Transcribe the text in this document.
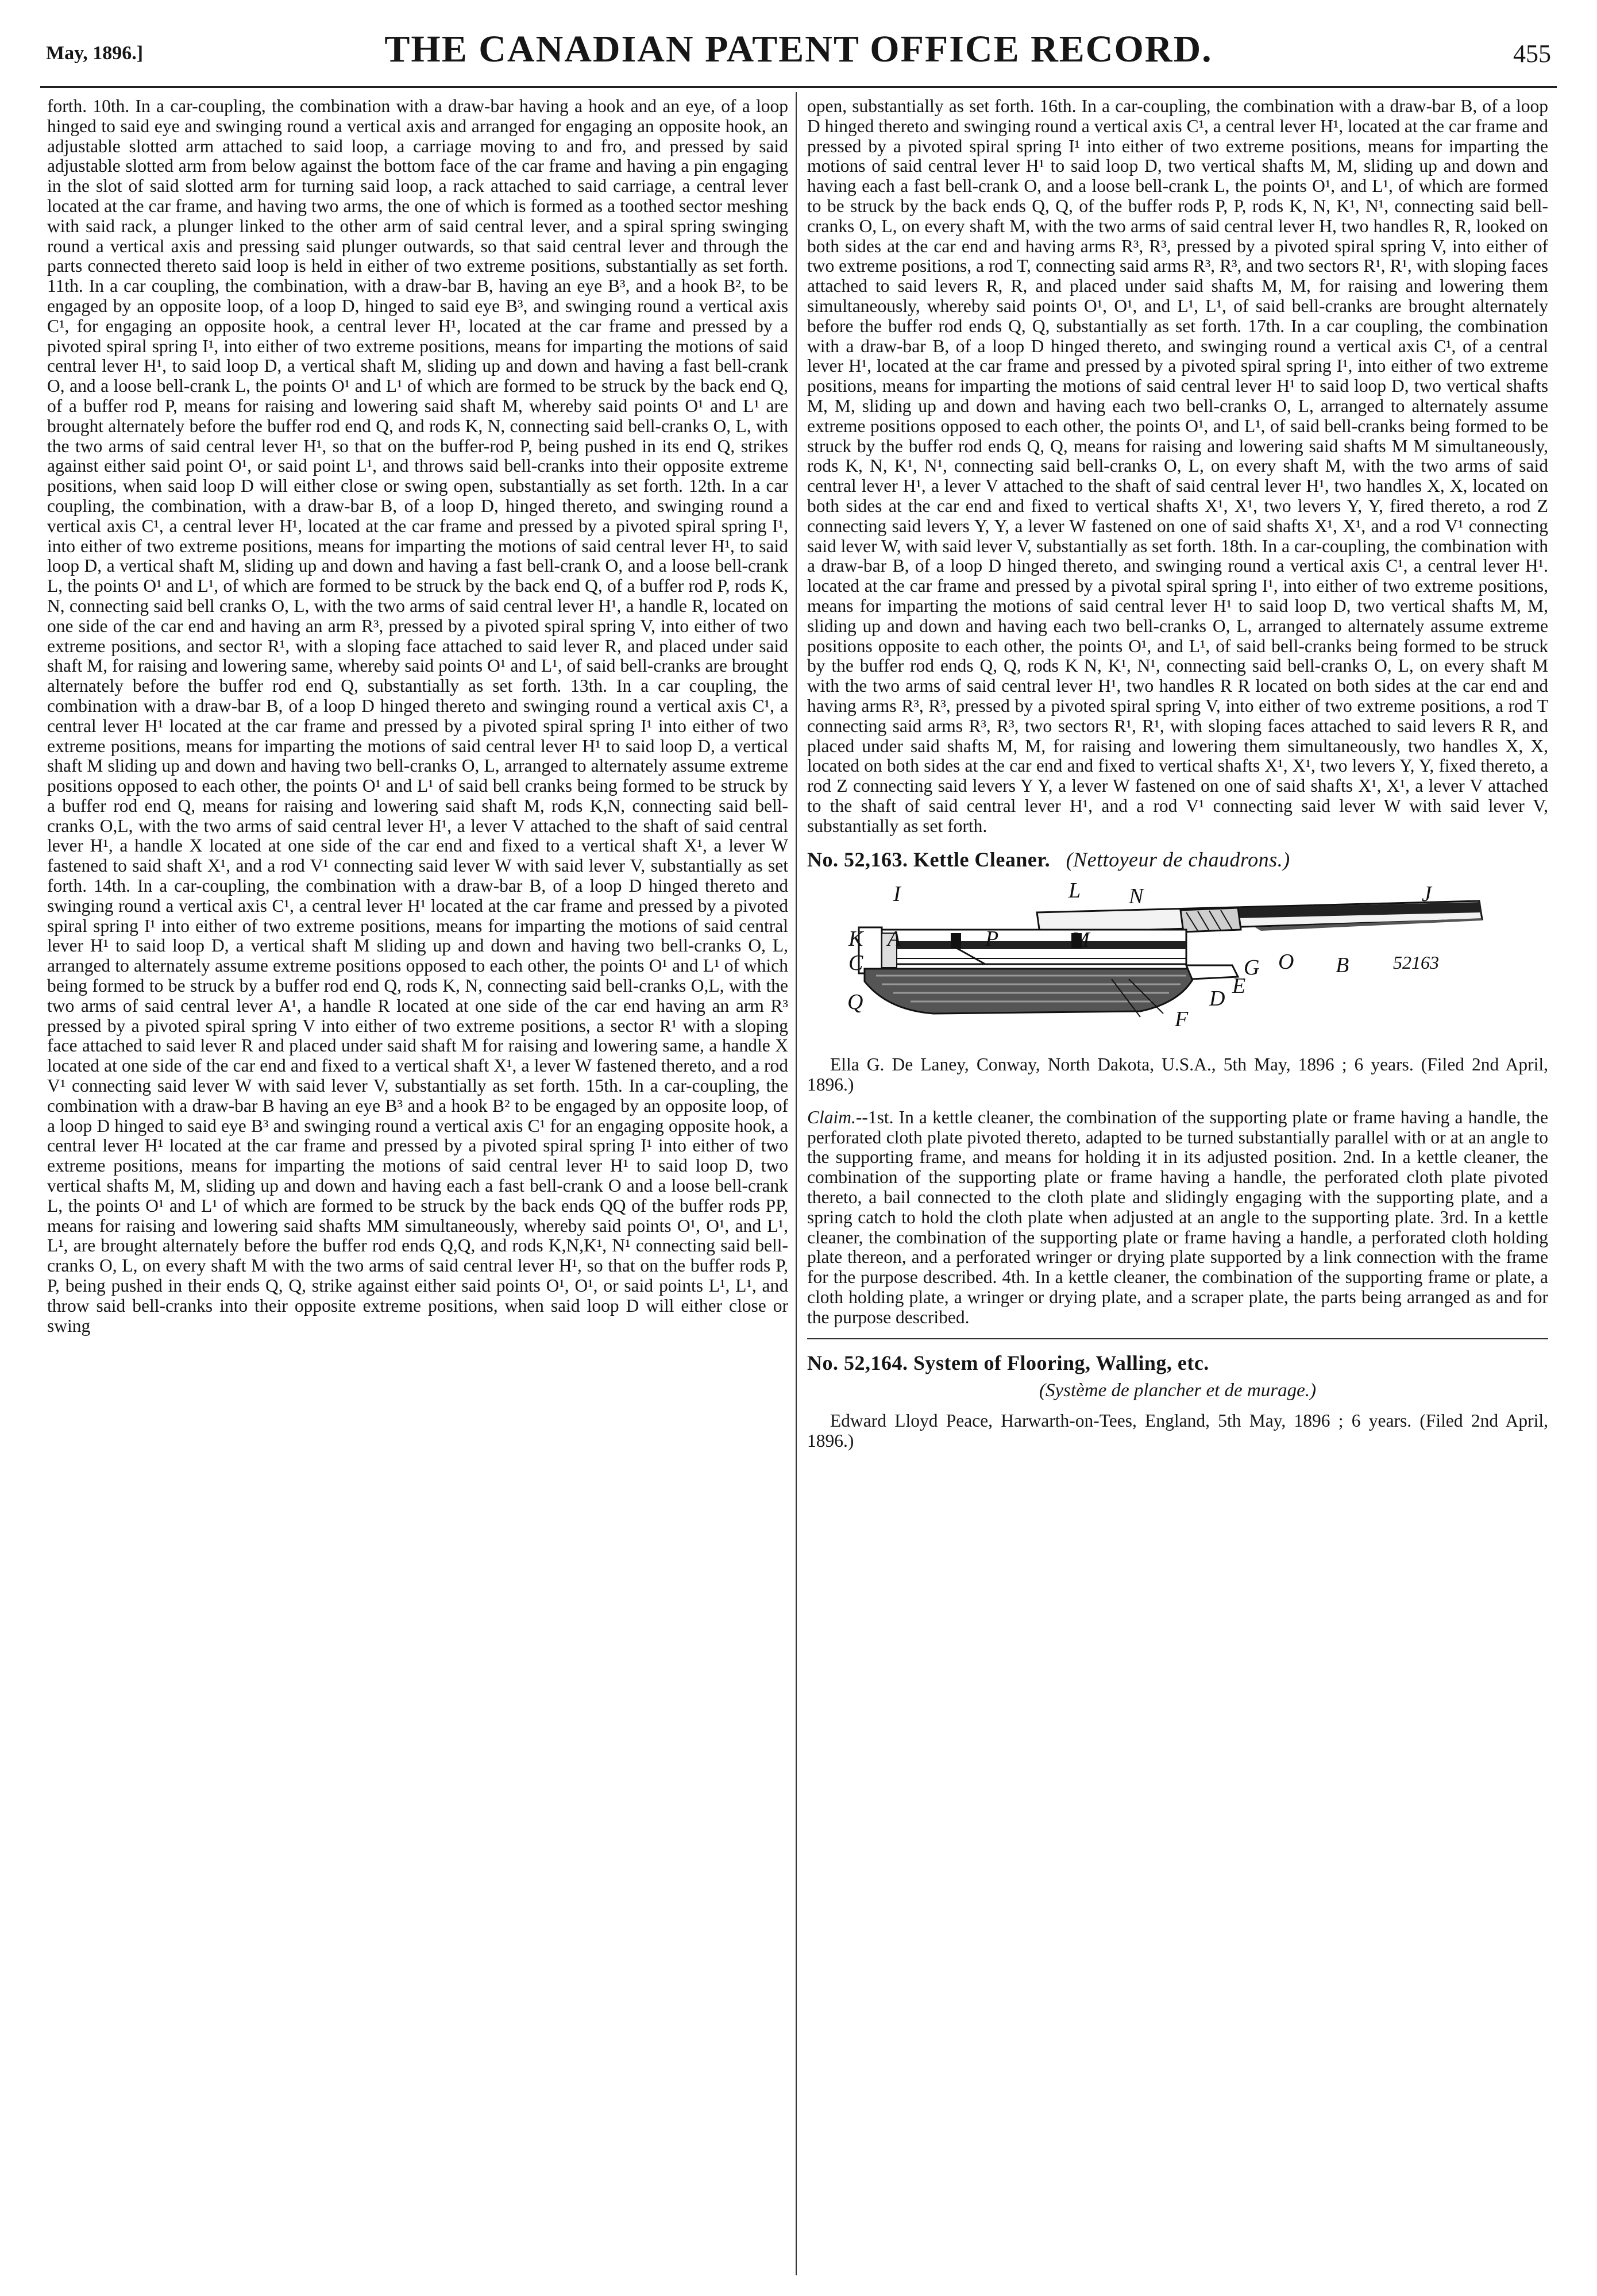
May, 1896.]	THE CANADIAN PATENT OFFICE RECORD.	455

forth. 10th. In a car-coupling, the combination with a draw-bar having a hook and an eye, of a loop hinged to said eye and swinging round a vertical axis and arranged for engaging an opposite hook, an adjustable slotted arm attached to said loop, a carriage moving to and fro, and pressed by said adjustable slotted arm from below against the bottom face of the car frame and having a pin engaging in the slot of said slotted arm for turning said loop, a rack attached to said carriage, a central lever located at the car frame, and having two arms, the one of which is formed as a toothed sector meshing with said rack, a plunger linked to the other arm of said central lever, and a spiral spring swinging round a vertical axis and pressing said plunger outwards, so that said central lever and through the parts connected thereto said loop is held in either of two extreme positions, substantially as set forth. 11th. In a car coupling, the combination, with a draw-bar B, having an eye B³, and a hook B², to be engaged by an opposite loop, of a loop D, hinged to said eye B³, and swinging round a vertical axis C¹, for engaging an opposite hook, a central lever H¹, located at the car frame and pressed by a pivoted spiral spring I¹, into either of two extreme positions, means for imparting the motions of said central lever H¹, to said loop D, a vertical shaft M, sliding up and down and having a fast bell-crank O, and a loose bell-crank L, the points O¹ and L¹ of which are formed to be struck by the back end Q, of a buffer rod P, means for raising and lowering said shaft M, whereby said points O¹ and L¹ are brought alternately before the buffer rod end Q, and rods K, N, connecting said bell-cranks O, L, with the two arms of said central lever H¹, so that on the buffer-rod P, being pushed in its end Q, strikes against either said point O¹, or said point L¹, and throws said bell-cranks into their opposite extreme positions, when said loop D will either close or swing open, substantially as set forth. 12th. In a car coupling, the combination, with a draw-bar B, of a loop D, hinged thereto, and swinging round a vertical axis C¹, a central lever H¹, located at the car frame and pressed by a pivoted spiral spring I¹, into either of two extreme positions, means for imparting the motions of said central lever H¹, to said loop D, a vertical shaft M, sliding up and down and having a fast bell-crank O, and a loose bell-crank L, the points O¹ and L¹, of which are formed to be struck by the back end Q, of a buffer rod P, rods K, N, connecting said bell cranks O, L, with the two arms of said central lever H¹, a handle R, located on one side of the car end and having an arm R³, pressed by a pivoted spiral spring V, into either of two extreme positions, and sector R¹, with a sloping face attached to said lever R, and placed under said shaft M, for raising and lowering same, whereby said points O¹ and L¹, of said bell-cranks are brought alternately before the buffer rod end Q, substantially as set forth. 13th. In a car coupling, the combination with a draw-bar B, of a loop D hinged thereto and swinging round a vertical axis C¹, a central lever H¹ located at the car frame and pressed by a pivoted spiral spring I¹ into either of two extreme positions, means for imparting the motions of said central lever H¹ to said loop D, a vertical shaft M sliding up and down and having two bell-cranks O, L, arranged to alternately assume extreme positions opposed to each other, the points O¹ and L¹ of said bell cranks being formed to be struck by a buffer rod end Q, means for raising and lowering said shaft M, rods K,N, connecting said bell-cranks O,L, with the two arms of said central lever H¹, a lever V attached to the shaft of said central lever H¹, a handle X located at one side of the car end and fixed to a vertical shaft X¹, a lever W fastened to said shaft X¹, and a rod V¹ connecting said lever W with said lever V, substantially as set forth. 14th. In a car-coupling, the combination with a draw-bar B, of a loop D hinged thereto and swinging round a vertical axis C¹, a central lever H¹ located at the car frame and pressed by a pivoted spiral spring I¹ into either of two extreme positions, means for imparting the motions of said central lever H¹ to said loop D, a vertical shaft M sliding up and down and having two bell-cranks O, L, arranged to alternately assume extreme positions opposed to each other, the points O¹ and L¹ of which being formed to be struck by a buffer rod end Q, rods K, N, connecting said bell-cranks O,L, with the two arms of said central lever A¹, a handle R located at one side of the car end having an arm R³ pressed by a pivoted spiral spring V into either of two extreme positions, a sector R¹ with a sloping face attached to said lever R and placed under said shaft M for raising and lowering same, a handle X located at one side of the car end and fixed to a vertical shaft X¹, a lever W fastened thereto, and a rod V¹ connecting said lever W with said lever V, substantially as set forth. 15th. In a car-coupling, the combination with a draw-bar B having an eye B³ and a hook B² to be engaged by an opposite loop, of a loop D hinged to said eye B³ and swinging round a vertical axis C¹ for an engaging opposite hook, a central lever H¹ located at the car frame and pressed by a pivoted spiral spring I¹ into either of two extreme positions, means for imparting the motions of said central lever H¹ to said loop D, two vertical shafts M, M, sliding up and down and having each a fast bell-crank O and a loose bell-crank L, the points O¹ and L¹ of which are formed to be struck by the back ends QQ of the buffer rods PP, means for raising and lowering said shafts MM simultaneously, whereby said points O¹, O¹, and L¹, L¹, are brought alternately before the buffer rod ends Q,Q, and rods K,N,K¹, N¹ connecting said bell-cranks O, L, on every shaft M with the two arms of said central lever H¹, so that on the buffer rods P, P, being pushed in their ends Q, Q, strike against either said points O¹, O¹, or said points L¹, L¹, and throw said bell-cranks into their opposite extreme positions, when said loop D will either close or swing

open, substantially as set forth. 16th. In a car-coupling, the combination with a draw-bar B, of a loop D hinged thereto and swinging round a vertical axis C¹, a central lever H¹, located at the car frame and pressed by a pivoted spiral spring I¹ into either of two extreme positions, means for imparting the motions of said central lever H¹ to said loop D, two vertical shafts M, M, sliding up and down and having each a fast bell-crank O, and a loose bell-crank L, the points O¹, and L¹, of which are formed to be struck by the back ends Q, Q, of the buffer rods P, P, rods K, N, K¹, N¹, connecting said bell-cranks O, L, on every shaft M, with the two arms of said central lever H, two handles R, R, looked on both sides at the car end and having arms R³, R³, pressed by a pivoted spiral spring V, into either of two extreme positions, a rod T, connecting said arms R³, R³, and two sectors R¹, R¹, with sloping faces attached to said levers R, R, and placed under said shafts M, M, for raising and lowering them simultaneously, whereby said points O¹, O¹, and L¹, L¹, of said bell-cranks are brought alternately before the buffer rod ends Q, Q, substantially as set forth. 17th. In a car coupling, the combination with a draw-bar B, of a loop D hinged thereto, and swinging round a vertical axis C¹, of a central lever H¹, located at the car frame and pressed by a pivoted spiral spring I¹, into either of two extreme positions, means for imparting the motions of said central lever H¹ to said loop D, two vertical shafts M, M, sliding up and down and having each two bell-cranks O, L, arranged to alternately assume extreme positions opposed to each other, the points O¹, and L¹, of said bell-cranks being formed to be struck by the buffer rod ends Q, Q, means for raising and lowering said shafts M M simultaneously, rods K, N, K¹, N¹, connecting said bell-cranks O, L, on every shaft M, with the two arms of said central lever H¹, a lever V attached to the shaft of said central lever H¹, two handles X, X, located on both sides at the car end and fixed to vertical shafts X¹, X¹, two levers Y, Y, fired thereto, a rod Z connecting said levers Y, Y, a lever W fastened on one of said shafts X¹, X¹, and a rod V¹ connecting said lever W, with said lever V, substantially as set forth. 18th. In a car-coupling, the combination with a draw-bar B, of a loop D hinged thereto, and swinging round a vertical axis C¹, a central lever H¹. located at the car frame and pressed by a pivotal spiral spring I¹, into either of two extreme positions, means for imparting the motions of said central lever H¹ to said loop D, two vertical shafts M, M, sliding up and down and having each two bell-cranks O, L, arranged to alternately assume extreme positions opposite to each other, the points O¹, and L¹, of said bell-cranks being formed to be struck by the buffer rod ends Q, Q, rods K N, K¹, N¹, connecting said bell-cranks O, L, on every shaft M with the two arms of said central lever H¹, two handles R R located on both sides at the car end and having arms R³, R³, pressed by a pivoted spiral spring V, into either of two extreme positions, a rod T connecting said arms R³, R³, two sectors R¹, R¹, with sloping faces attached to said levers R R, and placed under said shafts M, M, for raising and lowering them simultaneously, two handles X, X, located on both sides at the car end and fixed to vertical shafts X¹, X¹, two levers Y, Y, fixed thereto, a rod Z connecting said levers Y Y, a lever W fastened on one of said shafts X¹, X¹, a lever V attached to the shaft of said central lever H¹, and a rod V¹ connecting said lever W with said lever V, substantially as set forth.

No. 52,163. Kettle Cleaner. (Nettoyeur de chaudrons.)
I	L N	J
K A	P	M
C	O B 52163
G
E
D
F
Q

Ella G. De Laney, Conway, North Dakota, U.S.A., 5th May, 1896 ; 6 years. (Filed 2nd April, 1896.)

Claim.--1st. In a kettle cleaner, the combination of the supporting plate or frame having a handle, the perforated cloth plate pivoted thereto, adapted to be turned substantially parallel with or at an angle to the supporting frame, and means for holding it in its adjusted position. 2nd. In a kettle cleaner, the combination of the supporting plate or frame having a handle, the perforated cloth plate pivoted thereto, a bail connected to the cloth plate and slidingly engaging with the supporting plate, and a spring catch to hold the cloth plate when adjusted at an angle to the supporting plate. 3rd. In a kettle cleaner, the combination of the supporting plate or frame having a handle, a perforated cloth holding plate thereon, and a perforated wringer or drying plate supported by a link connection with the frame for the purpose described. 4th. In a kettle cleaner, the combination of the supporting frame or plate, a cloth holding plate, a wringer or drying plate, and a scraper plate, the parts being arranged as and for the purpose described.

No. 52,164. System of Flooring, Walling, etc.
(Système de plancher et de murage.)

Edward Lloyd Peace, Harwarth-on-Tees, England, 5th May, 1896 ; 6 years. (Filed 2nd April, 1896.)
